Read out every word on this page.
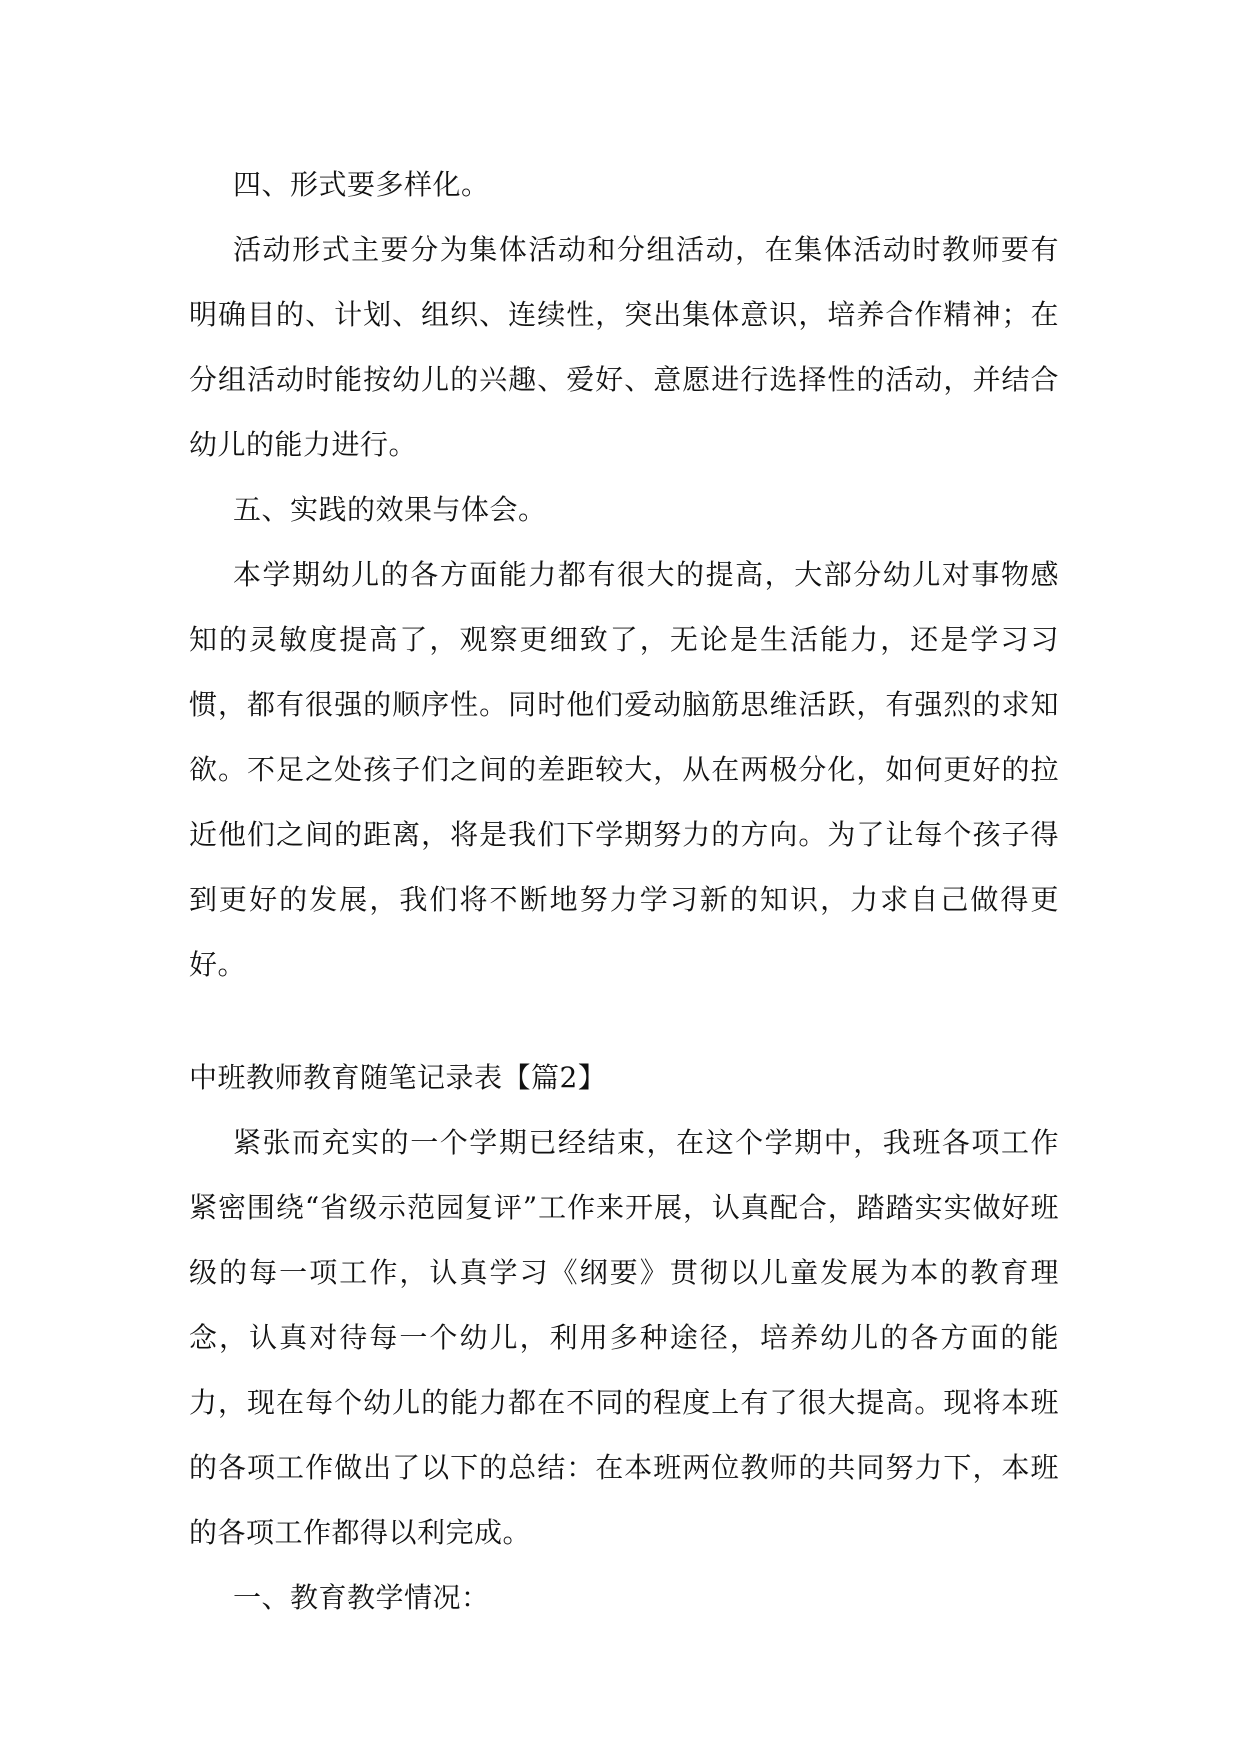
四、形式要多样化。

活动形式主要分为集体活动和分组活动，在集体活动时教师要有明确目的、计划、组织、连续性，突出集体意识，培养合作精神；在分组活动时能按幼儿的兴趣、爱好、意愿进行选择性的活动，并结合幼儿的能力进行。

五、实践的效果与体会。

本学期幼儿的各方面能力都有很大的提高，大部分幼儿对事物感知的灵敏度提高了，观察更细致了，无论是生活能力，还是学习习惯，都有很强的顺序性。同时他们爱动脑筋思维活跃，有强烈的求知欲。不足之处孩子们之间的差距较大，从在两极分化，如何更好的拉近他们之间的距离，将是我们下学期努力的方向。为了让每个孩子得到更好的发展，我们将不断地努力学习新的知识，力求自己做得更好。

中班教师教育随笔记录表【篇2】

紧张而充实的一个学期已经结束，在这个学期中，我班各项工作紧密围绕“省级示范园复评”工作来开展，认真配合，踏踏实实做好班级的每一项工作，认真学习《纲要》贯彻以儿童发展为本的教育理念，认真对待每一个幼儿，利用多种途径，培养幼儿的各方面的能力，现在每个幼儿的能力都在不同的程度上有了很大提高。现将本班的各项工作做出了以下的总结：在本班两位教师的共同努力下，本班的各项工作都得以利完成。

一、教育教学情况：
